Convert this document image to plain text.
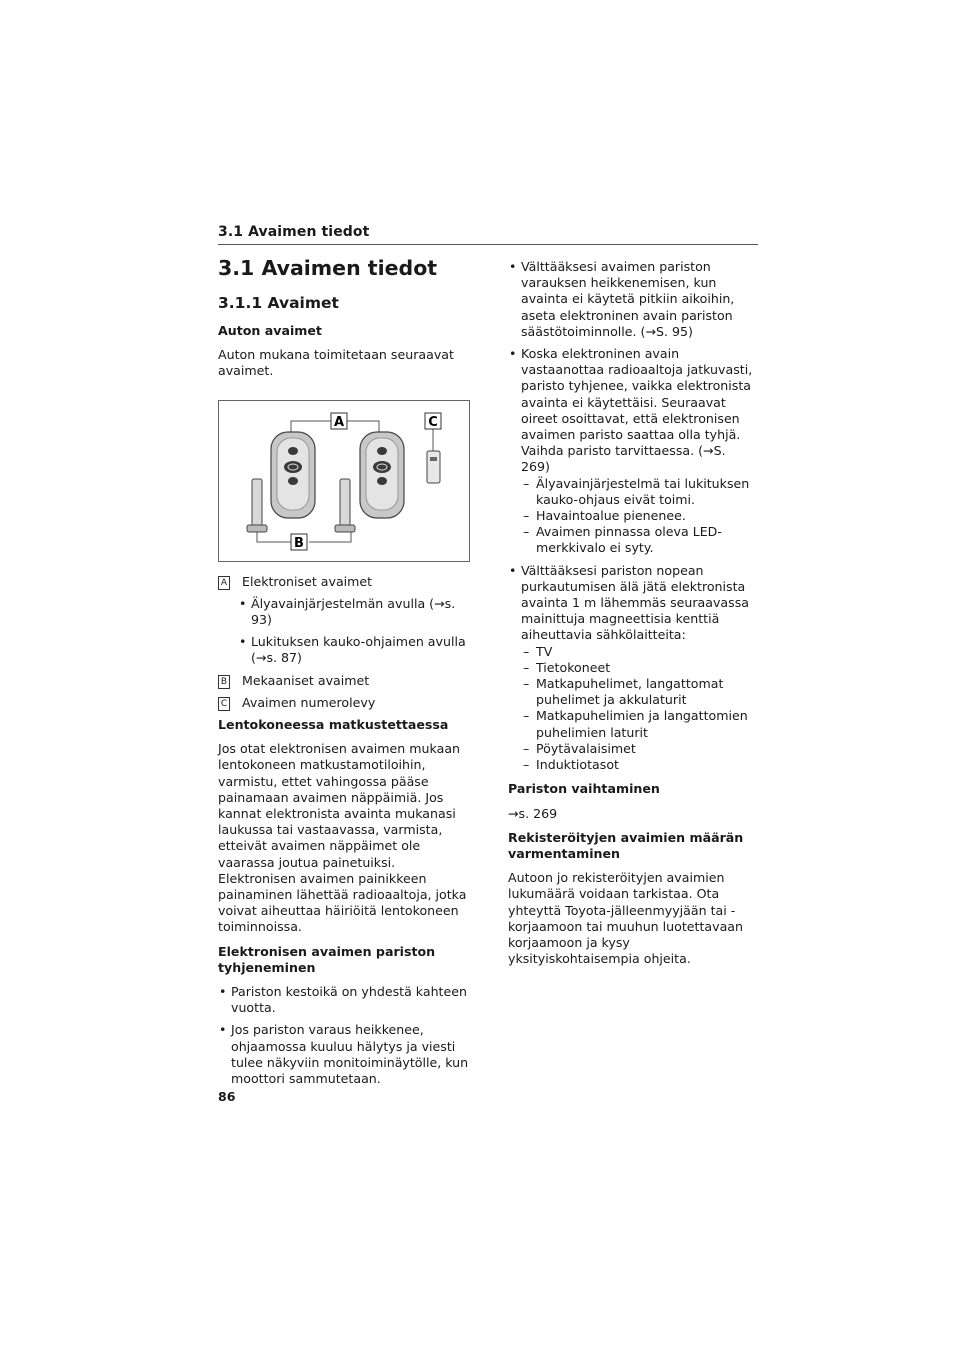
3.1 Avaimen tiedot
3.1 Avaimen tiedot
3.1.1 Avaimet
Auton avaimet

Auton mukana toimitetaan seuraavat avaimet.

A	C
B
A Elektroniset avaimet
• Älyavainjärjestelmän avulla (→s. 93)
• Lukituksen kauko-ohjaimen avulla (→s. 87)
B Mekaaniset avaimet
C Avaimen numerolevy
Lentokoneessa matkustettaessa

Jos otat elektronisen avaimen mukaan lentokoneen matkustamotiloihin, varmistu, ettet vahingossa pääse painamaan avaimen näppäimiä. Jos kannat elektronista avainta mukanasi laukussa tai vastaavassa, varmista, etteivät avaimen näppäimet ole vaarassa joutua painetuiksi. Elektronisen avaimen painikkeen painaminen lähettää radioaaltoja, jotka voivat aiheuttaa häiriöitä lentokoneen toiminnoissa.

Elektronisen avaimen pariston tyhjeneminen
• Pariston kestoikä on yhdestä kahteen vuotta.
• Jos pariston varaus heikkenee, ohjaamossa kuuluu hälytys ja viesti tulee näkyviin monitoiminäytölle, kun moottori sammutetaan.
• Välttääksesi avaimen pariston varauksen heikkenemisen, kun avainta ei käytetä pitkiin aikoihin, aseta elektroninen avain pariston säästötoiminnolle. (→S. 95)
• Koska elektroninen avain vastaanottaa radioaaltoja jatkuvasti, paristo tyhjenee, vaikka elektronista avainta ei käytettäisi. Seuraavat oireet osoittavat, että elektronisen avaimen paristo saattaa olla tyhjä. Vaihda paristo tarvittaessa. (→S. 269)
– Älyavainjärjestelmä tai lukituksen kauko-ohjaus eivät toimi.
– Havaintoalue pienenee.
– Avaimen pinnassa oleva LED-merkkivalo ei syty.
• Välttääksesi pariston nopean purkautumisen älä jätä elektronista avainta 1 m lähemmäs seuraavassa mainittuja magneettisia kenttiä aiheuttavia sähkölaitteita:
– TV
– Tietokoneet
– Matkapuhelimet, langattomat puhelimet ja akkulaturit
– Matkapuhelimien ja langattomien puhelimien laturit
– Pöytävalaisimet
– Induktiotasot
Pariston vaihtaminen

→s. 269

Rekisteröityjen avaimien määrän varmentaminen

Autoon jo rekisteröityjen avaimien lukumäärä voidaan tarkistaa. Ota yhteyttä Toyota-jälleenmyyjään tai -korjaamoon tai muuhun luotettavaan korjaamoon ja kysy yksityiskohtaisempia ohjeita.

86
